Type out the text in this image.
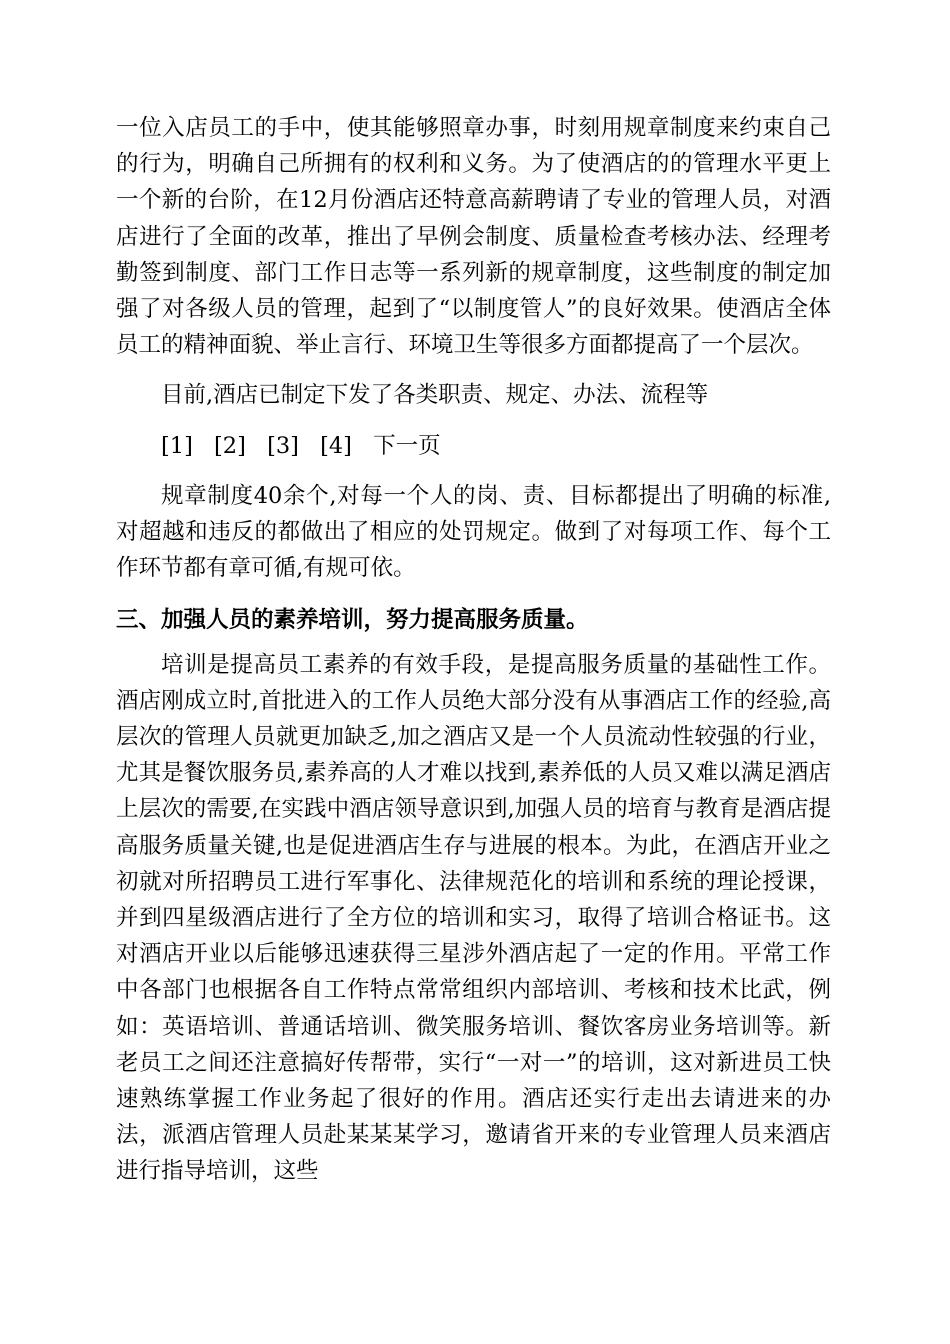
一位入店员工的手中，使其能够照章办事，时刻用规章制度来约束自己的行为，明确自己所拥有的权利和义务。为了使酒店的的管理水平更上一个新的台阶，在12月份酒店还特意高薪聘请了专业的管理人员，对酒店进行了全面的改革，推出了早例会制度、质量检查考核办法、经理考勤签到制度、部门工作日志等一系列新的规章制度，这些制度的制定加强了对各级人员的管理，起到了“以制度管人”的良好效果。使酒店全体员工的精神面貌、举止言行、环境卫生等很多方面都提高了一个层次。

目前,酒店已制定下发了各类职责、规定、办法、流程等

[1] [2] [3] [4] 下一页

规章制度40余个,对每一个人的岗、责、目标都提出了明确的标准,对超越和违反的都做出了相应的处罚规定。做到了对每项工作、每个工作环节都有章可循,有规可依。

三、加强人员的素养培训，努力提高服务质量。

培训是提高员工素养的有效手段，是提高服务质量的基础性工作。酒店刚成立时,首批进入的工作人员绝大部分没有从事酒店工作的经验,高层次的管理人员就更加缺乏,加之酒店又是一个人员流动性较强的行业，尤其是餐饮服务员,素养高的人才难以找到,素养低的人员又难以满足酒店上层次的需要,在实践中酒店领导意识到,加强人员的培育与教育是酒店提高服务质量关键,也是促进酒店生存与进展的根本。为此，在酒店开业之初就对所招聘员工进行军事化、法律规范化的培训和系统的理论授课，并到四星级酒店进行了全方位的培训和实习，取得了培训合格证书。这对酒店开业以后能够迅速获得三星涉外酒店起了一定的作用。平常工作中各部门也根据各自工作特点常常组织内部培训、考核和技术比武，例如：英语培训、普通话培训、微笑服务培训、餐饮客房业务培训等。新老员工之间还注意搞好传帮带，实行“一对一”的培训，这对新进员工快速熟练掌握工作业务起了很好的作用。酒店还实行走出去请进来的办法，派酒店管理人员赴某某某学习，邀请省开来的专业管理人员来酒店进行指导培训，这些
